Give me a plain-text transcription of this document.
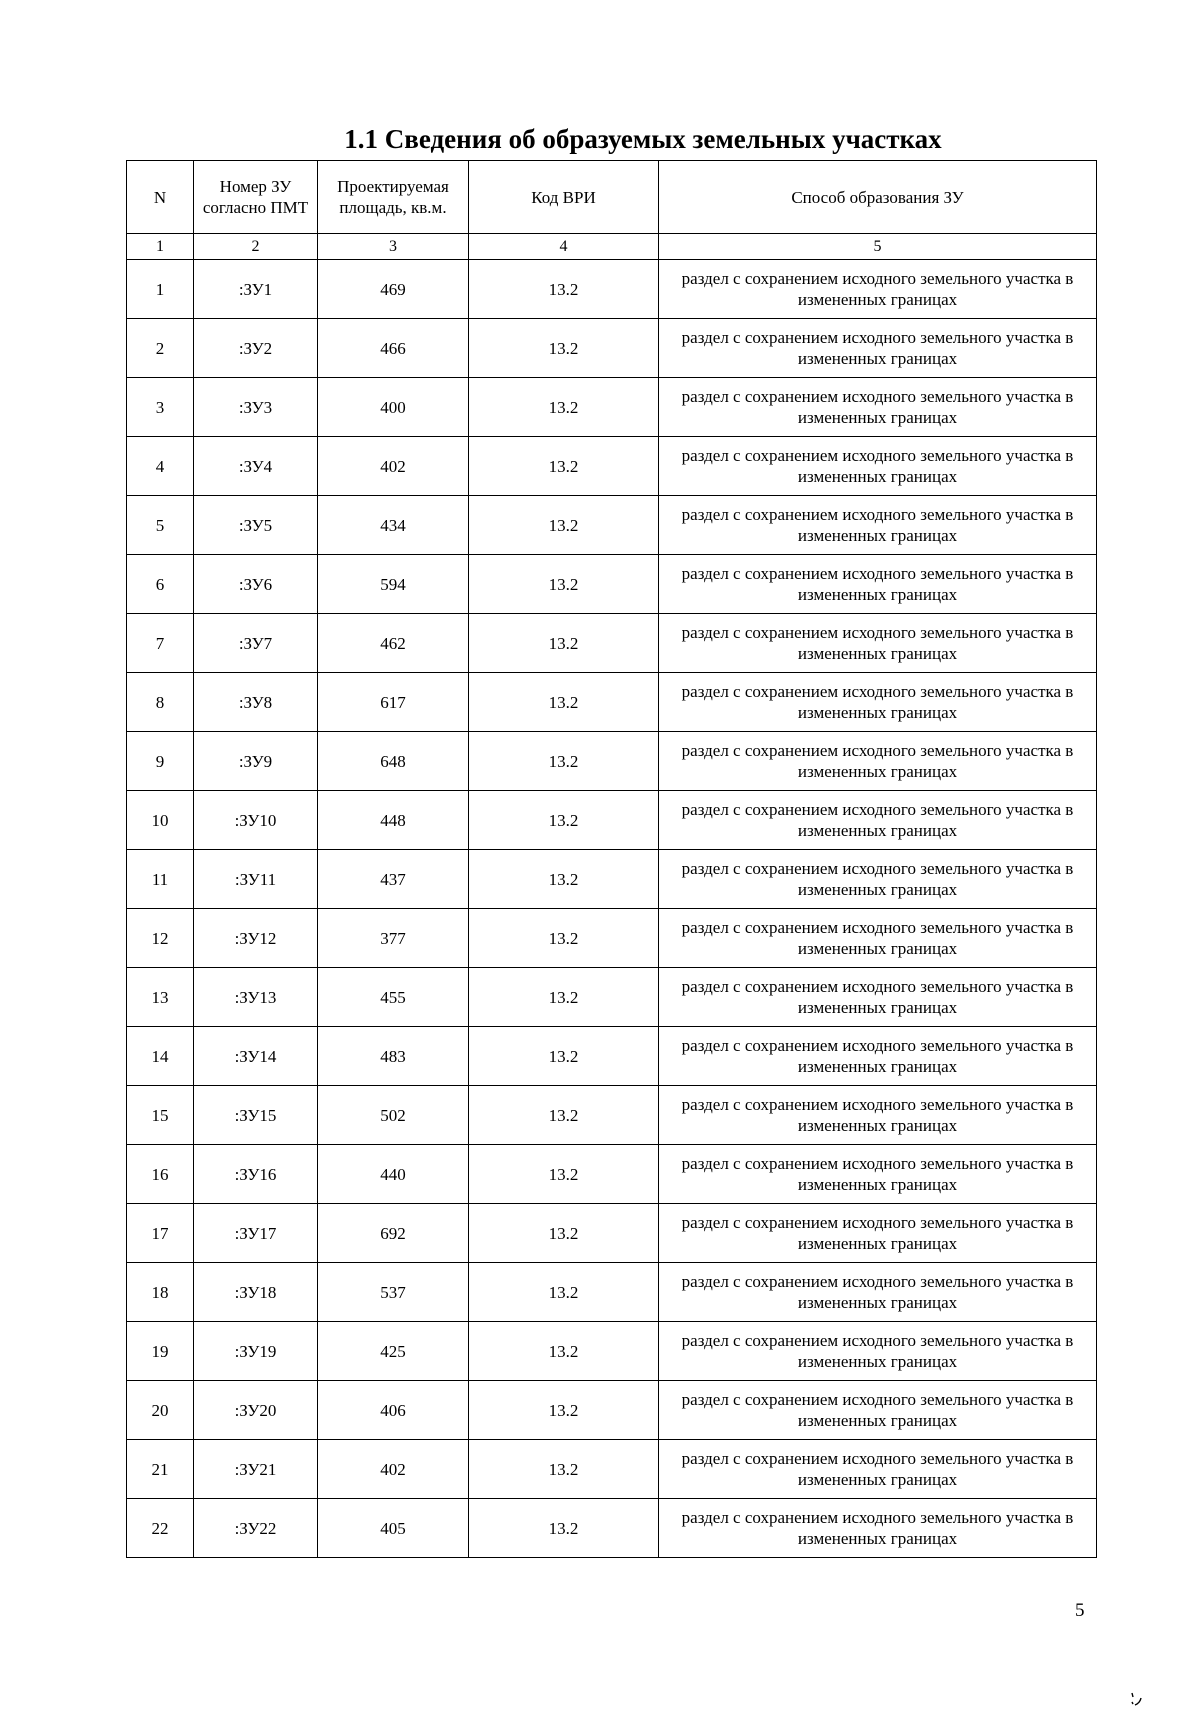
1.1 Сведения об образуемых земельных участках
N	Номер ЗУ согласно ПМТ	Проектируемая площадь, кв.м.	Код ВРИ	Способ образования ЗУ
1	2	3	4	5
1	:ЗУ1	469	13.2	раздел с сохранением исходного земельного участка в измененных границах
2	:ЗУ2	466	13.2	раздел с сохранением исходного земельного участка в измененных границах
3	:ЗУ3	400	13.2	раздел с сохранением исходного земельного участка в измененных границах
4	:ЗУ4	402	13.2	раздел с сохранением исходного земельного участка в измененных границах
5	:ЗУ5	434	13.2	раздел с сохранением исходного земельного участка в измененных границах
6	:ЗУ6	594	13.2	раздел с сохранением исходного земельного участка в измененных границах
7	:ЗУ7	462	13.2	раздел с сохранением исходного земельного участка в измененных границах
8	:ЗУ8	617	13.2	раздел с сохранением исходного земельного участка в измененных границах
9	:ЗУ9	648	13.2	раздел с сохранением исходного земельного участка в измененных границах
10	:ЗУ10	448	13.2	раздел с сохранением исходного земельного участка в измененных границах
11	:ЗУ11	437	13.2	раздел с сохранением исходного земельного участка в измененных границах
12	:ЗУ12	377	13.2	раздел с сохранением исходного земельного участка в измененных границах
13	:ЗУ13	455	13.2	раздел с сохранением исходного земельного участка в измененных границах
14	:ЗУ14	483	13.2	раздел с сохранением исходного земельного участка в измененных границах
15	:ЗУ15	502	13.2	раздел с сохранением исходного земельного участка в измененных границах
16	:ЗУ16	440	13.2	раздел с сохранением исходного земельного участка в измененных границах
17	:ЗУ17	692	13.2	раздел с сохранением исходного земельного участка в измененных границах
18	:ЗУ18	537	13.2	раздел с сохранением исходного земельного участка в измененных границах
19	:ЗУ19	425	13.2	раздел с сохранением исходного земельного участка в измененных границах
20	:ЗУ20	406	13.2	раздел с сохранением исходного земельного участка в измененных границах
21	:ЗУ21	402	13.2	раздел с сохранением исходного земельного участка в измененных границах
22	:ЗУ22	405	13.2	раздел с сохранением исходного земельного участка в измененных границах
5
